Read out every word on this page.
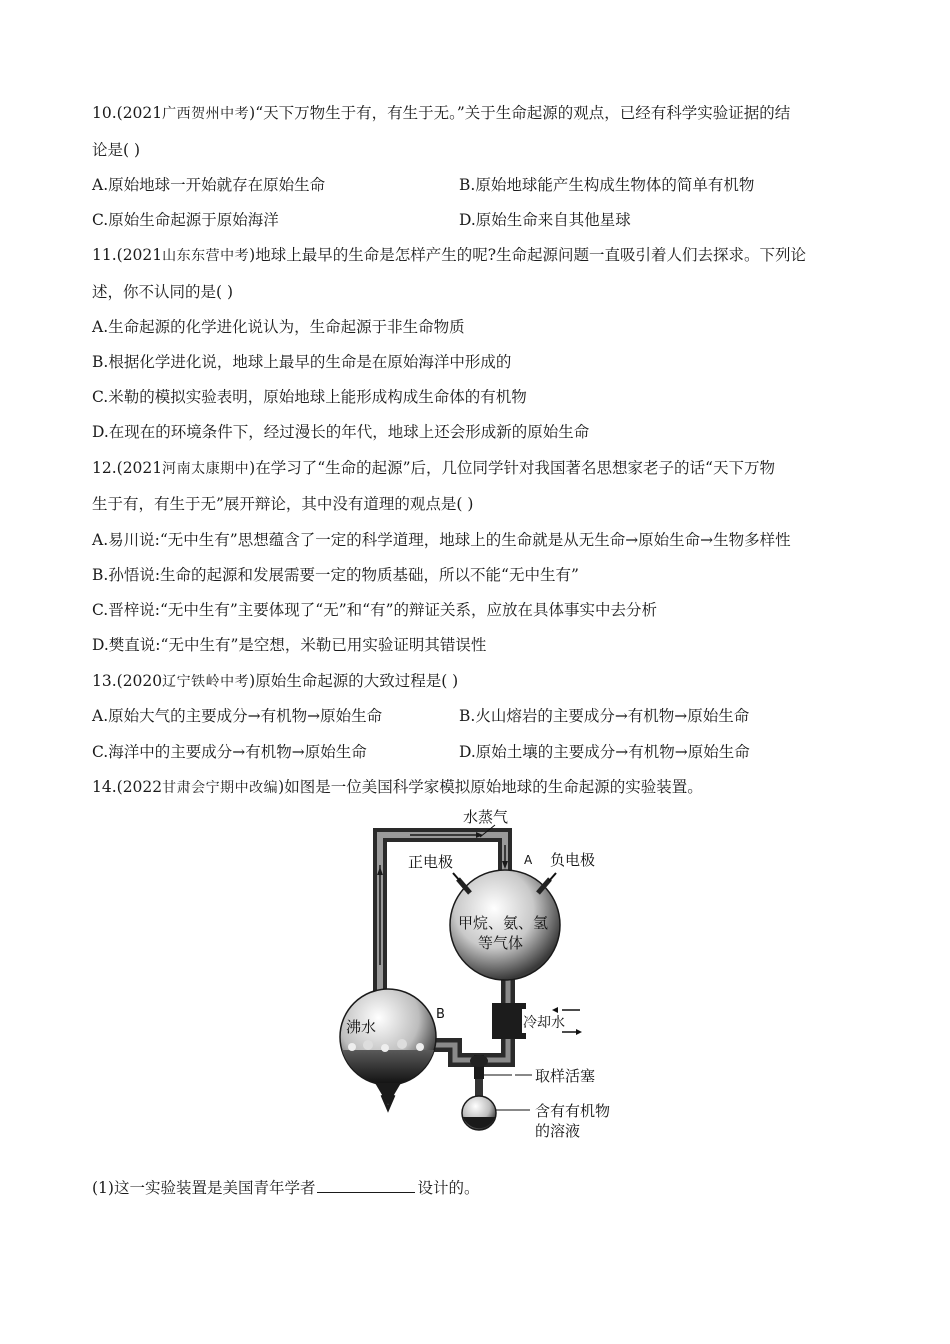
10.(2021广西贺州中考)“天下万物生于有，有生于无。”关于生命起源的观点，已经有科学实验证据的结
论是( )
A.原始地球一开始就存在原始生命	B.原始地球能产生构成生物体的简单有机物
C.原始生命起源于原始海洋	D.原始生命来自其他星球
11.(2021山东东营中考)地球上最早的生命是怎样产生的呢?生命起源问题一直吸引着人们去探求。下列论
述，你不认同的是( )
A.生命起源的化学进化说认为，生命起源于非生命物质
B.根据化学进化说，地球上最早的生命是在原始海洋中形成的
C.米勒的模拟实验表明，原始地球上能形成构成生命体的有机物
D.在现在的环境条件下，经过漫长的年代，地球上还会形成新的原始生命
12.(2021河南太康期中)在学习了“生命的起源”后，几位同学针对我国著名思想家老子的话“天下万物
生于有，有生于无”展开辩论，其中没有道理的观点是( )
A.易川说:“无中生有”思想蕴含了一定的科学道理，地球上的生命就是从无生命→原始生命→生物多样性
B.孙悟说:生命的起源和发展需要一定的物质基础，所以不能“无中生有”
C.晋梓说:“无中生有”主要体现了“无”和“有”的辩证关系，应放在具体事实中去分析
D.樊直说:“无中生有”是空想，米勒已用实验证明其错误性
13.(2020辽宁铁岭中考)原始生命起源的大致过程是( )
A.原始大气的主要成分→有机物→原始生命	B.火山熔岩的主要成分→有机物→原始生命
C.海洋中的主要成分→有机物→原始生命	D.原始土壤的主要成分→有机物→原始生命
14.(2022甘肃会宁期中改编)如图是一位美国科学家模拟原始地球的生命起源的实验装置。
冷却水
正电极	A 负电极
水蒸气
甲烷、氨、氢
等气体
沸水
B
取样活塞
含有有机物
的溶液
(1)这一实验装置是美国青年学者	设计的。
